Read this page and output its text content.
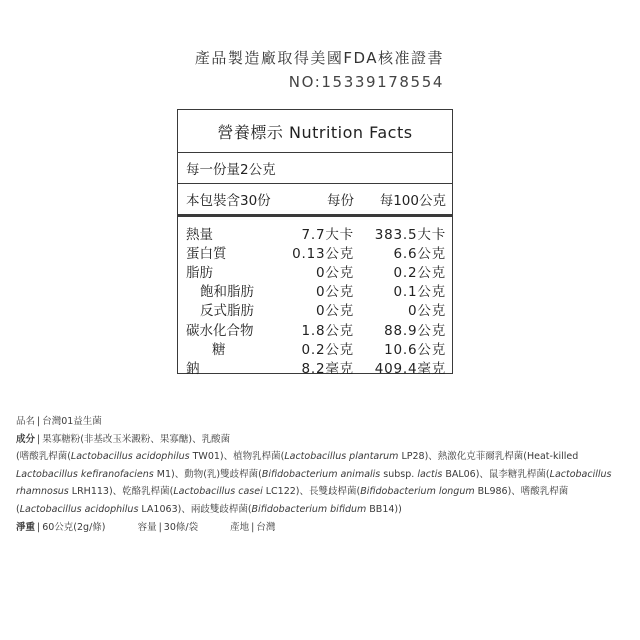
產品製造廠取得美國FDA核准證書
NO:15339178554
營養標示 Nutrition Facts
每一份量2公克
本包裝含30份	每份	每100公克
熱量	7.7大卡	383.5大卡
蛋白質	0.13公克	6.6公克
脂肪	0公克	0.2公克
飽和脂肪	0公克	0.1公克
反式脂肪	0公克	0公克
碳水化合物	1.8公克	88.9公克
糖	0.2公克	10.6公克
鈉	8.2毫克	409.4毫克
品名 | 台灣01益生菌
成分 | 果寡糖粉(非基改玉米澱粉、果寡醣)、乳酸菌
(嗜酸乳桿菌(Lactobacillus acidophilus TW01)、植物乳桿菌(Lactobacillus plantarum LP28)、熱激化克菲爾乳桿菌(Heat-killed
Lactobacillus kefiranofaciens M1)、動物(乳)雙歧桿菌(Bifidobacterium animalis subsp. lactis BAL06)、鼠李糖乳桿菌(Lactobacillus
rhamnosus LRH113)、乾酪乳桿菌(Lactobacillus casei LC122)、長雙歧桿菌(Bifidobacterium longum BL986)、嗜酸乳桿菌
(Lactobacillus acidophilus LA1063)、兩歧雙歧桿菌(Bifidobacterium bifidum BB14))
淨重 | 60公克(2g/條)	容量 | 30條/袋	產地 | 台灣
